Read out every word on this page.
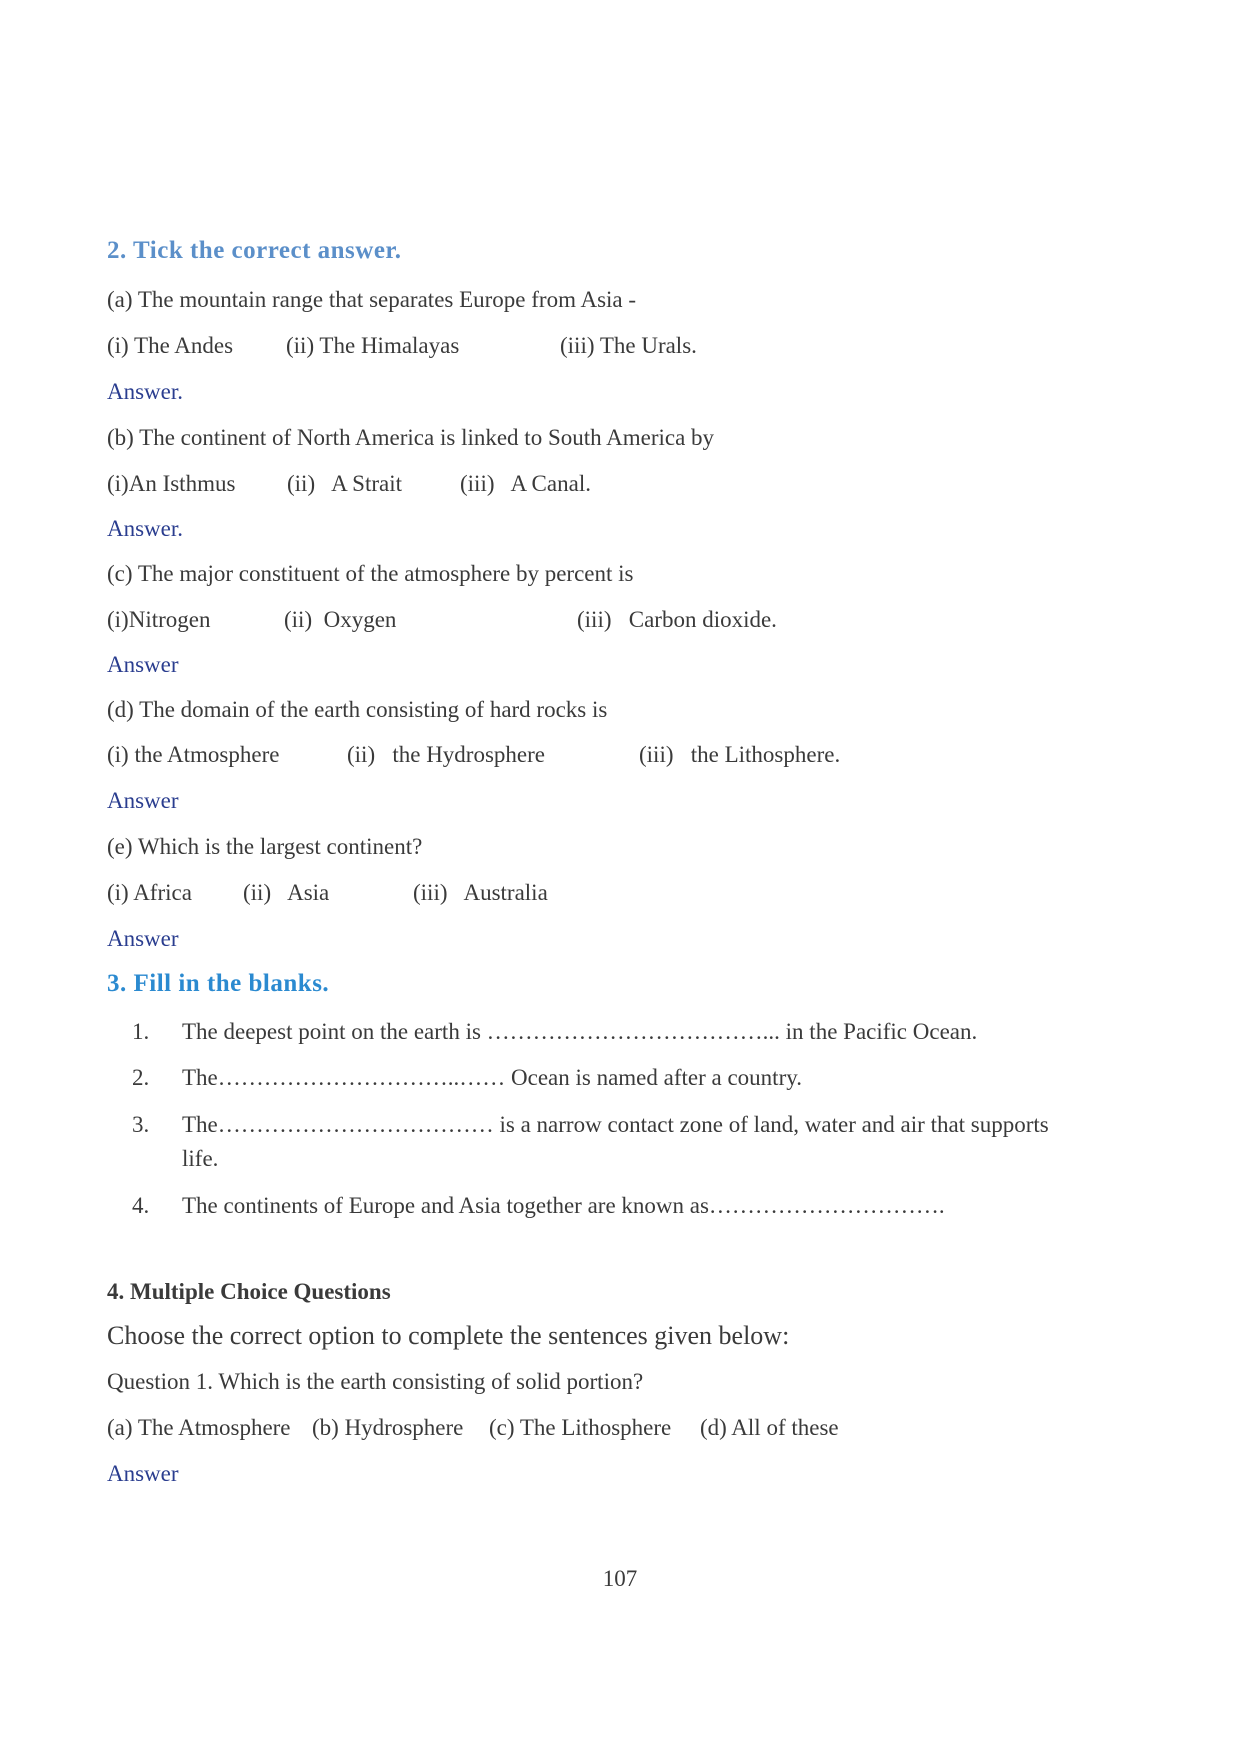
2. Tick the correct answer.
(a) The mountain range that separates Europe from Asia -
(i) The Andes (ii) The Himalayas	(iii) The Urals.
Answer.
(b) The continent of North America is linked to South America by
(i)An Isthmus (ii)   A Strait	(iii)   A Canal.
Answer.
(c) The major constituent of the atmosphere by percent is
(i)Nitrogen	(ii)  Oxygen	(iii)   Carbon dioxide.
Answer
(d) The domain of the earth consisting of hard rocks is
(i) the Atmosphere	(ii)   the Hydrosphere	(iii)   the Lithosphere.
Answer
(e) Which is the largest continent?
(i) Africa (ii)   Asia	(iii)   Australia
Answer
3. Fill in the blanks.
1. The deepest point on the earth is ………………………………... in the Pacific Ocean.
2. The…………………………..…… Ocean is named after a country.
3. The……………………………… is a narrow contact zone of land, water and air that supports
life.
4. The continents of Europe and Asia together are known as………………………….
4. Multiple Choice Questions
Choose the correct option to complete the sentences given below:
Question 1. Which is the earth consisting of solid portion?
(a) The Atmosphere (b) Hydrosphere (c) The Lithosphere (d) All of these
Answer
107
